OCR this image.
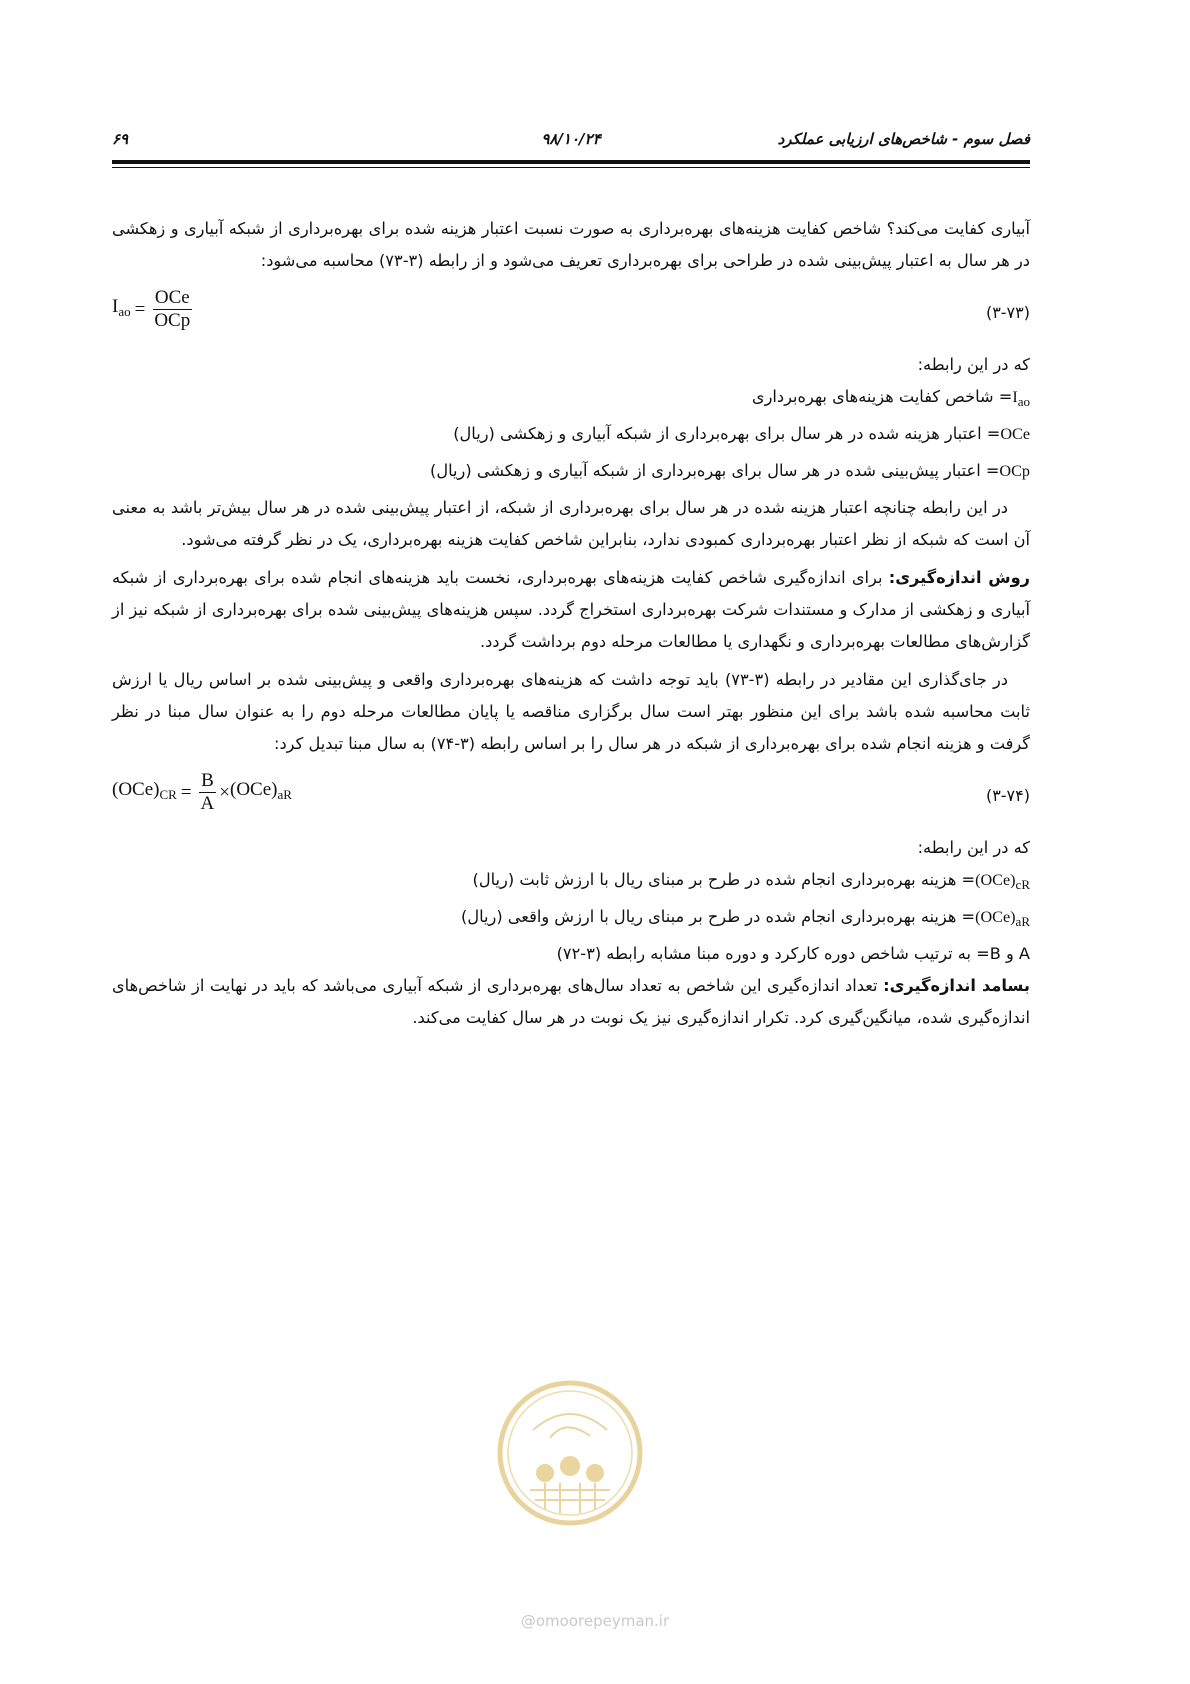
فصل سوم - شاخص‌های ارزیابی عملکرد
۹۸/۱۰/۲۴
۶۹

آبیاری کفایت می‌کند؟ شاخص کفایت هزینه‌های بهره‌برداری به صورت نسبت اعتبار هزینه شده برای بهره‌برداری از شبکه آبیاری و زهکشی در هر سال به اعتبار پیش‌بینی شده در طراحی برای بهره‌برداری تعریف می‌شود و از رابطه (۳-۷۳) محاسبه می‌شود:

$I_{ao} = \frac{\text{OCe}}{\text{OCp}}$	(۳-۷۳)

که در این رابطه:

$I_{ao}=$ شاخص کفایت هزینه‌های بهره‌برداری

OCe= اعتبار هزینه شده در هر سال برای بهره‌برداری از شبکه آبیاری و زهکشی (ریال)

OCp= اعتبار پیش‌بینی شده در هر سال برای بهره‌برداری از شبکه آبیاری و زهکشی (ریال)

در این رابطه چنانچه اعتبار هزینه شده در هر سال برای بهره‌برداری از شبکه، از اعتبار پیش‌بینی شده در هر سال بیش‌تر باشد به معنی آن است که شبکه از نظر اعتبار بهره‌برداری کمبودی ندارد، بنابراین شاخص کفایت هزینه بهره‌برداری، یک در نظر گرفته می‌شود.

روش اندازه‌گیری: برای اندازه‌گیری شاخص کفایت هزینه‌های بهره‌برداری، نخست باید هزینه‌های انجام شده برای بهره‌برداری از شبکه آبیاری و زهکشی از مدارک و مستندات شرکت بهره‌برداری استخراج گردد. سپس هزینه‌های پیش‌بینی شده برای بهره‌برداری از شبکه نیز از گزارش‌های مطالعات بهره‌برداری و نگهداری یا مطالعات مرحله دوم برداشت گردد.

در جای‌گذاری این مقادیر در رابطه (۳-۷۳) باید توجه داشت که هزینه‌های بهره‌برداری واقعی و پیش‌بینی شده بر اساس ریال یا ارزش ثابت محاسبه شده باشد برای این منظور بهتر است سال برگزاری مناقصه یا پایان مطالعات مرحله دوم را به عنوان سال مبنا در نظر گرفت و هزینه انجام شده برای بهره‌برداری از شبکه در هر سال را بر اساس رابطه (۳-۷۴) به سال مبنا تبدیل کرد:

$(OCe)_{CR} = \frac{B}{A} \times (OCe)_{aR}$	(۳-۷۴)

که در این رابطه:

$(OCe)_{cR}=$ هزینه بهره‌برداری انجام شده در طرح بر مبنای ریال با ارزش ثابت (ریال)

$(OCe)_{aR}=$ هزینه بهره‌برداری انجام شده در طرح بر مبنای ریال با ارزش واقعی (ریال)

A و B= به ترتیب شاخص دوره کارکرد و دوره مبنا مشابه رابطه (۳-۷۲)

بسامد اندازه‌گیری: تعداد اندازه‌گیری این شاخص به تعداد سال‌های بهره‌برداری از شبکه آبیاری می‌باشد که باید در نهایت از شاخص‌های اندازه‌گیری شده، میانگین‌گیری کرد. تکرار اندازه‌گیری نیز یک نوبت در هر سال کفایت می‌کند.

@omoorepeyman.ir
